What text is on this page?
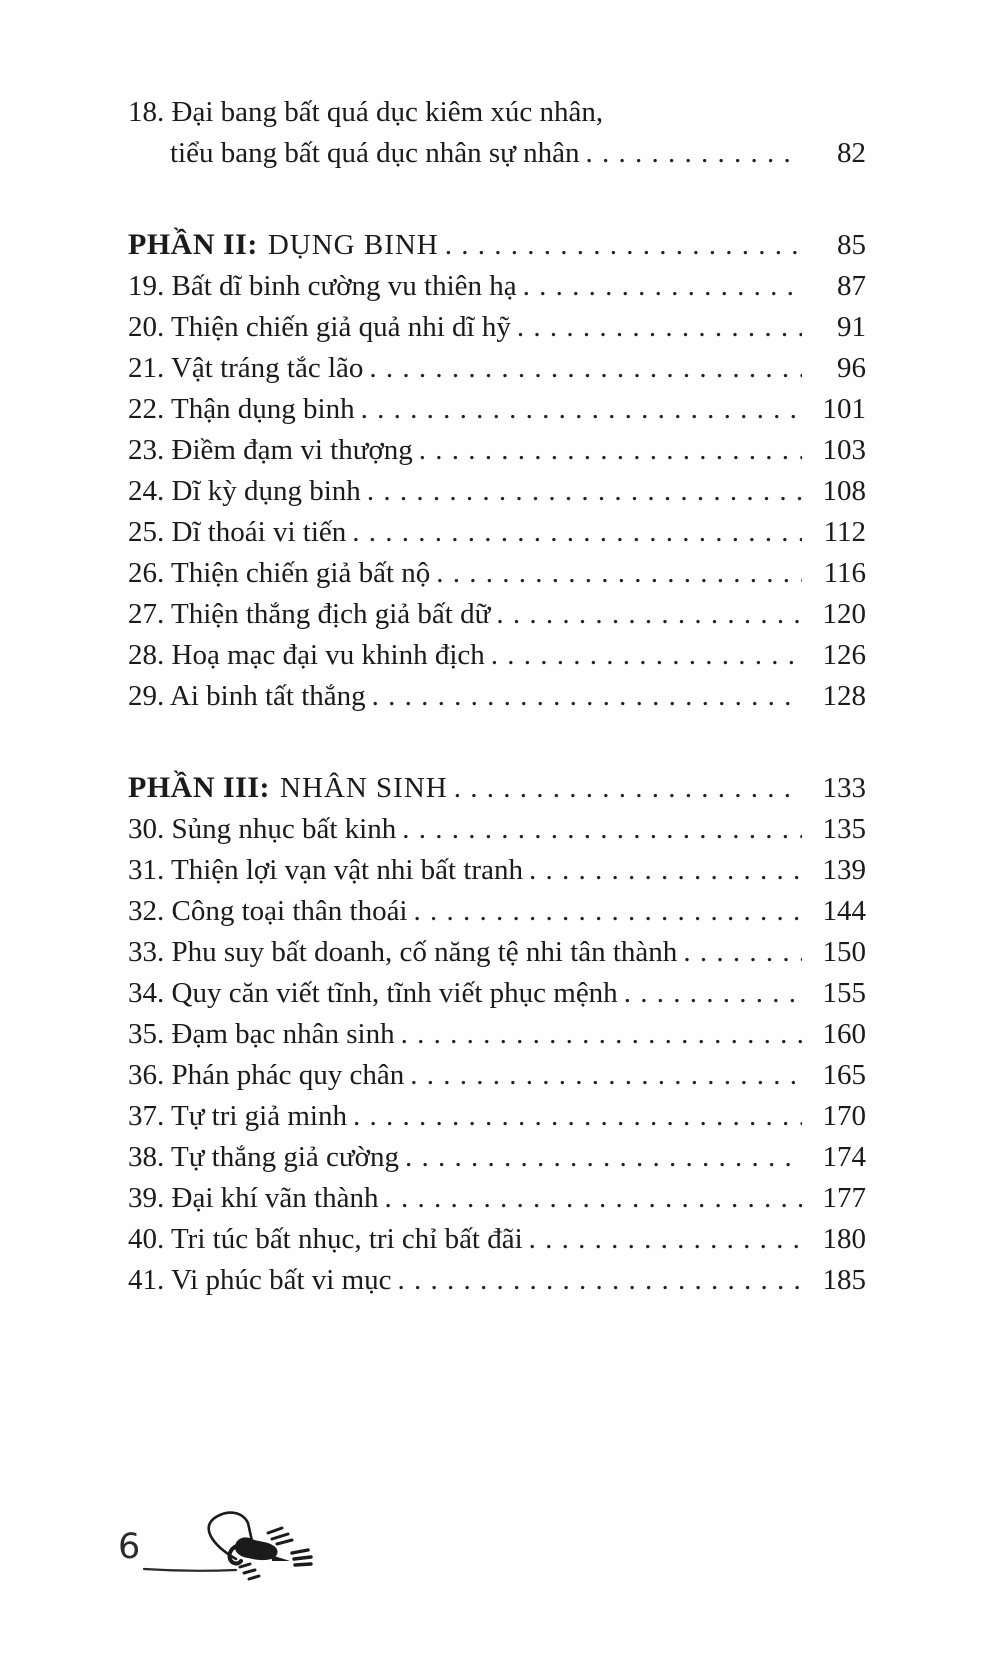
18. Đại bang bất quá dục kiêm xúc nhân,
tiểu bang bất quá dục nhân sự nhân . . .	82
PHẦN II: DỤNG BINH . . .	85
19. Bất dĩ binh cường vu thiên hạ . . .	87
20. Thiện chiến giả quả nhi dĩ hỹ . . .	91
21. Vật tráng tắc lão . . .	96
22. Thận dụng binh . . .	101
23. Điềm đạm vi thượng . . .	103
24. Dĩ kỳ dụng binh . . .	108
25. Dĩ thoái vi tiến . . .	112
26. Thiện chiến giả bất nộ . . .	116
27. Thiện thắng địch giả bất dữ . . .	120
28. Hoạ mạc đại vu khinh địch . . .	126
29. Ai binh tất thắng . . .	128
PHẦN III: NHÂN SINH . . .	133
30. Sủng nhục bất kinh . . .	135
31. Thiện lợi vạn vật nhi bất tranh . . .	139
32. Công toại thân thoái . . .	144
33. Phu suy bất doanh, cố năng tệ nhi tân thành . . .	150
34. Quy căn viết tĩnh, tĩnh viết phục mệnh . . .	155
35. Đạm bạc nhân sinh . . .	160
36. Phán phác quy chân . . .	165
37. Tự tri giả minh . . .	170
38. Tự thắng giả cường . . .	174
39. Đại khí vãn thành . . .	177
40. Tri túc bất nhục, tri chỉ bất đãi . . .	180
41. Vi phúc bất vi mục . . .	185
6
